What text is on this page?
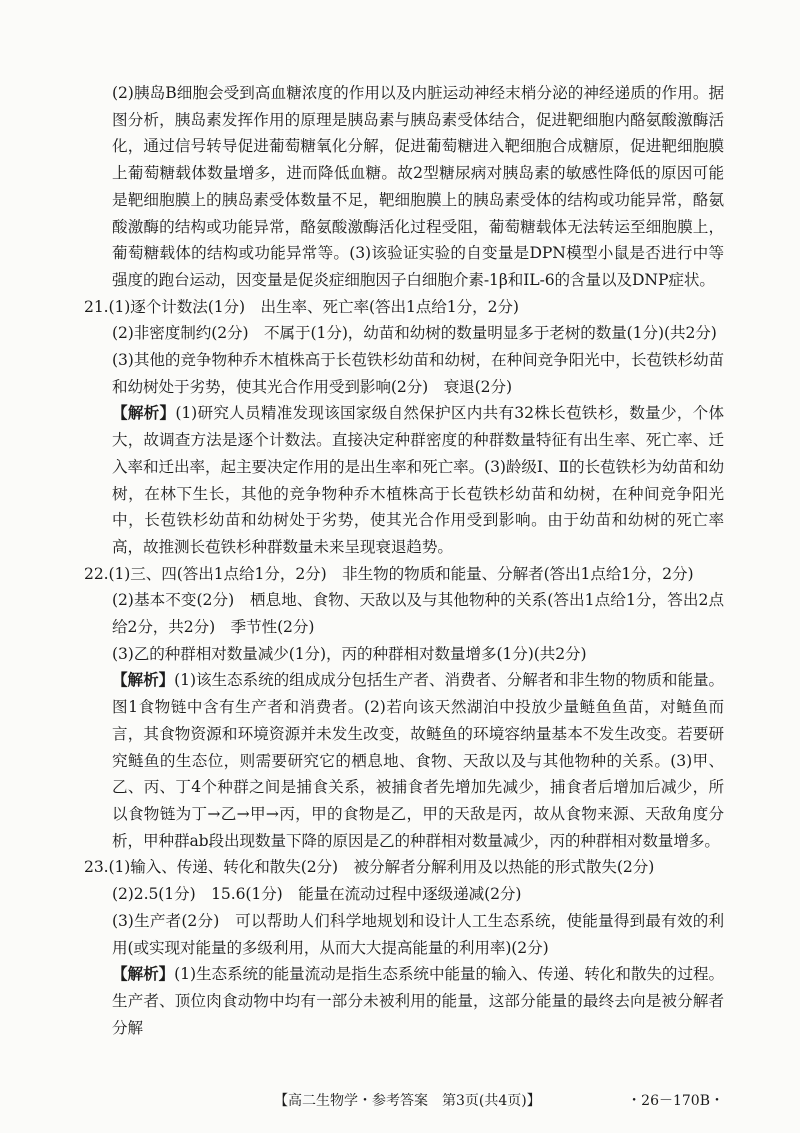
(2)胰岛B细胞会受到高血糖浓度的作用以及内脏运动神经末梢分泌的神经递质的作用。据图分析，胰岛素发挥作用的原理是胰岛素与胰岛素受体结合，促进靶细胞内酪氨酸激酶活化，通过信号转导促进葡萄糖氧化分解，促进葡萄糖进入靶细胞合成糖原，促进靶细胞膜上葡萄糖载体数量增多，进而降低血糖。故2型糖尿病对胰岛素的敏感性降低的原因可能是靶细胞膜上的胰岛素受体数量不足，靶细胞膜上的胰岛素受体的结构或功能异常，酪氨酸激酶的结构或功能异常，酪氨酸激酶活化过程受阻，葡萄糖载体无法转运至细胞膜上，葡萄糖载体的结构或功能异常等。(3)该验证实验的自变量是DPN模型小鼠是否进行中等强度的跑台运动，因变量是促炎症细胞因子白细胞介素-1β和IL-6的含量以及DNP症状。

21.(1)逐个计数法(1分)　出生率、死亡率(答出1点给1分，2分)

(2)非密度制约(2分)　不属于(1分)，幼苗和幼树的数量明显多于老树的数量(1分)(共2分)

(3)其他的竞争物种乔木植株高于长苞铁杉幼苗和幼树，在种间竞争阳光中，长苞铁杉幼苗和幼树处于劣势，使其光合作用受到影响(2分)　衰退(2分)

【解析】(1)研究人员精准发现该国家级自然保护区内共有32株长苞铁杉，数量少，个体大，故调查方法是逐个计数法。直接决定种群密度的种群数量特征有出生率、死亡率、迁入率和迁出率，起主要决定作用的是出生率和死亡率。(3)龄级Ⅰ、Ⅱ的长苞铁杉为幼苗和幼树，在林下生长，其他的竞争物种乔木植株高于长苞铁杉幼苗和幼树，在种间竞争阳光中，长苞铁杉幼苗和幼树处于劣势，使其光合作用受到影响。由于幼苗和幼树的死亡率高，故推测长苞铁杉种群数量未来呈现衰退趋势。

22.(1)三、四(答出1点给1分，2分)　非生物的物质和能量、分解者(答出1点给1分，2分)

(2)基本不变(2分)　栖息地、食物、天敌以及与其他物种的关系(答出1点给1分，答出2点给2分，共2分)　季节性(2分)

(3)乙的种群相对数量减少(1分)，丙的种群相对数量增多(1分)(共2分)

【解析】(1)该生态系统的组成成分包括生产者、消费者、分解者和非生物的物质和能量。图1食物链中含有生产者和消费者。(2)若向该天然湖泊中投放少量鲢鱼鱼苗，对鲢鱼而言，其食物资源和环境资源并未发生改变，故鲢鱼的环境容纳量基本不发生改变。若要研究鲢鱼的生态位，则需要研究它的栖息地、食物、天敌以及与其他物种的关系。(3)甲、乙、丙、丁4个种群之间是捕食关系，被捕食者先增加先减少，捕食者后增加后减少，所以食物链为丁→乙→甲→丙，甲的食物是乙，甲的天敌是丙，故从食物来源、天敌角度分析，甲种群ab段出现数量下降的原因是乙的种群相对数量减少，丙的种群相对数量增多。

23.(1)输入、传递、转化和散失(2分)　被分解者分解利用及以热能的形式散失(2分)

(2)2.5(1分)　15.6(1分)　能量在流动过程中逐级递减(2分)

(3)生产者(2分)　可以帮助人们科学地规划和设计人工生态系统，使能量得到最有效的利用(或实现对能量的多级利用，从而大大提高能量的利用率)(2分)

【解析】(1)生态系统的能量流动是指生态系统中能量的输入、传递、转化和散失的过程。生产者、顶位肉食动物中均有一部分未被利用的能量，这部分能量的最终去向是被分解者分解

【高二生物学・参考答案　第3页(共4页)】	・26－170B・
